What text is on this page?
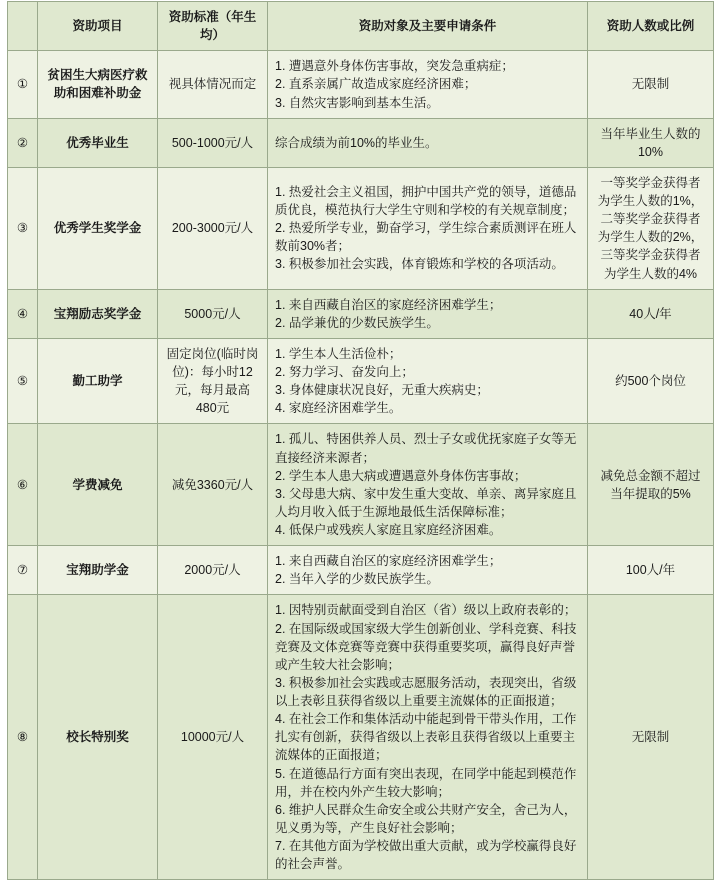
	资助项目	资助标准（年生均）	资助对象及主要申请条件	资助人数或比例
①	贫困生大病医疗救助和困难补助金	视具体情况而定	1. 遭遇意外身体伤害事故，突发急重病症；
2. 直系亲属广故造成家庭经济困难；
3. 自然灾害影响到基本生活。	无限制
②	优秀毕业生	500-1000元/人	综合成绩为前10%的毕业生。	当年毕业生人数的10%
③	优秀学生奖学金	200-3000元/人	1. 热爱社会主义祖国，拥护中国共产党的领导，道德品质优良，模范执行大学生守则和学校的有关规章制度；
2. 热爱所学专业，勤奋学习，学生综合素质测评在班人数前30%者；
3. 积极参加社会实践，体育锻炼和学校的各项活动。	一等奖学金获得者为学生人数的1%，二等奖学金获得者为学生人数的2%，三等奖学金获得者为学生人数的4%
④	宝翔励志奖学金	5000元/人	1. 来自西藏自治区的家庭经济困难学生；
2. 品学兼优的少数民族学生。	40人/年
⑤	勤工助学	固定岗位(临时岗位)：每小时12元，每月最高480元	1. 学生本人生活俭朴；
2. 努力学习、奋发向上；
3. 身体健康状况良好，无重大疾病史；
4. 家庭经济困难学生。	约500个岗位
⑥	学费减免	减免3360元/人	1. 孤儿、特困供养人员、烈士子女或优抚家庭子女等无直接经济来源者；
2. 学生本人患大病或遭遇意外身体伤害事故；
3. 父母患大病、家中发生重大变故、单亲、离异家庭且人均月收入低于生源地最低生活保障标准；
4. 低保户或残疾人家庭且家庭经济困难。	减免总金额不超过当年提取的5%
⑦	宝翔助学金	2000元/人	1. 来自西藏自治区的家庭经济困难学生；
2. 当年入学的少数民族学生。	100人/年
⑧	校长特别奖	10000元/人	
1. 因特别贡献面受到自治区（省）级以上政府表彰的；
2. 在国际级或国家级大学生创新创业、学科竞赛、科技竞赛及文体竞赛等竞赛中获得重要奖项，赢得良好声誉或产生较大社会影响；
3. 积极参加社会实践或志愿服务活动，表现突出，省级以上表彰且获得省级以上重要主流媒体的正面报道；
4. 在社会工作和集体活动中能起到骨干带头作用，工作扎实有创新，获得省级以上表彰且获得省级以上重要主流媒体的正面报道；
5. 在道德品行方面有突出表现，在同学中能起到模范作用，并在校内外产生较大影响；
6. 维护人民群众生命安全或公共财产安全，舍己为人，见义勇为等，产生良好社会影响；
7. 在其他方面为学校做出重大贡献，或为学校赢得良好的社会声誉。
	无限制
